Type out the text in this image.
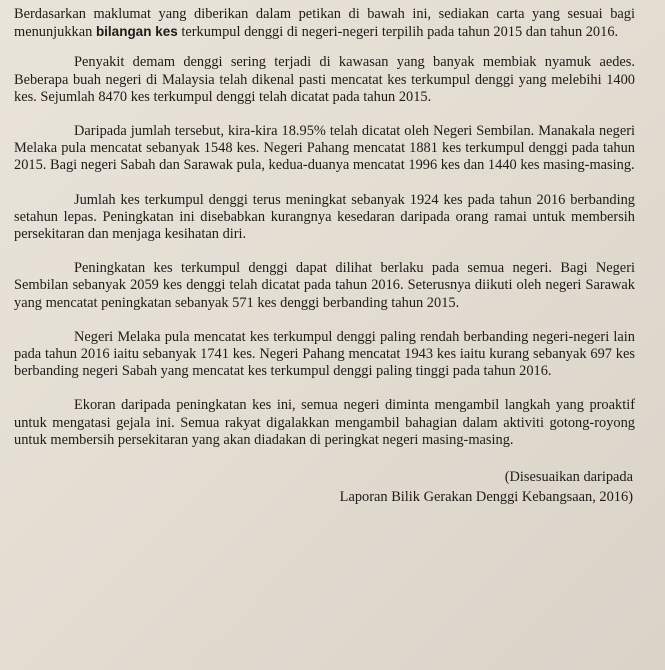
Berdasarkan maklumat yang diberikan dalam petikan di bawah ini, sediakan carta yang sesuai bagi menunjukkan bilangan kes terkumpul denggi di negeri-negeri terpilih pada tahun 2015 dan tahun 2016.

Penyakit demam denggi sering terjadi di kawasan yang banyak membiak nyamuk aedes. Beberapa buah negeri di Malaysia telah dikenal pasti mencatat kes terkumpul denggi yang melebihi 1400 kes. Sejumlah 8470 kes terkumpul denggi telah dicatat pada tahun 2015.

Daripada jumlah tersebut, kira-kira 18.95% telah dicatat oleh Negeri Sembilan. Manakala negeri Melaka pula mencatat sebanyak 1548 kes. Negeri Pahang mencatat 1881 kes terkumpul denggi pada tahun 2015. Bagi negeri Sabah dan Sarawak pula, kedua-duanya mencatat 1996 kes dan 1440 kes masing-masing.

Jumlah kes terkumpul denggi terus meningkat sebanyak 1924 kes pada tahun 2016 berbanding setahun lepas. Peningkatan ini disebabkan kurangnya kesedaran daripada orang ramai untuk membersih persekitaran dan menjaga kesihatan diri.

Peningkatan kes terkumpul denggi dapat dilihat berlaku pada semua negeri. Bagi Negeri Sembilan sebanyak 2059 kes denggi telah dicatat pada tahun 2016. Seterusnya diikuti oleh negeri Sarawak yang mencatat peningkatan sebanyak 571 kes denggi berbanding tahun 2015.

Negeri Melaka pula mencatat kes terkumpul denggi paling rendah berbanding negeri-negeri lain pada tahun 2016 iaitu sebanyak 1741 kes. Negeri Pahang mencatat 1943 kes iaitu kurang sebanyak 697 kes berbanding negeri Sabah yang mencatat kes terkumpul denggi paling tinggi pada tahun 2016.

Ekoran daripada peningkatan kes ini, semua negeri diminta mengambil langkah yang proaktif untuk mengatasi gejala ini. Semua rakyat digalakkan mengambil bahagian dalam aktiviti gotong-royong untuk membersih persekitaran yang akan diadakan di peringkat negeri masing-masing.

(Disesuaikan daripada
Laporan Bilik Gerakan Denggi Kebangsaan, 2016)
